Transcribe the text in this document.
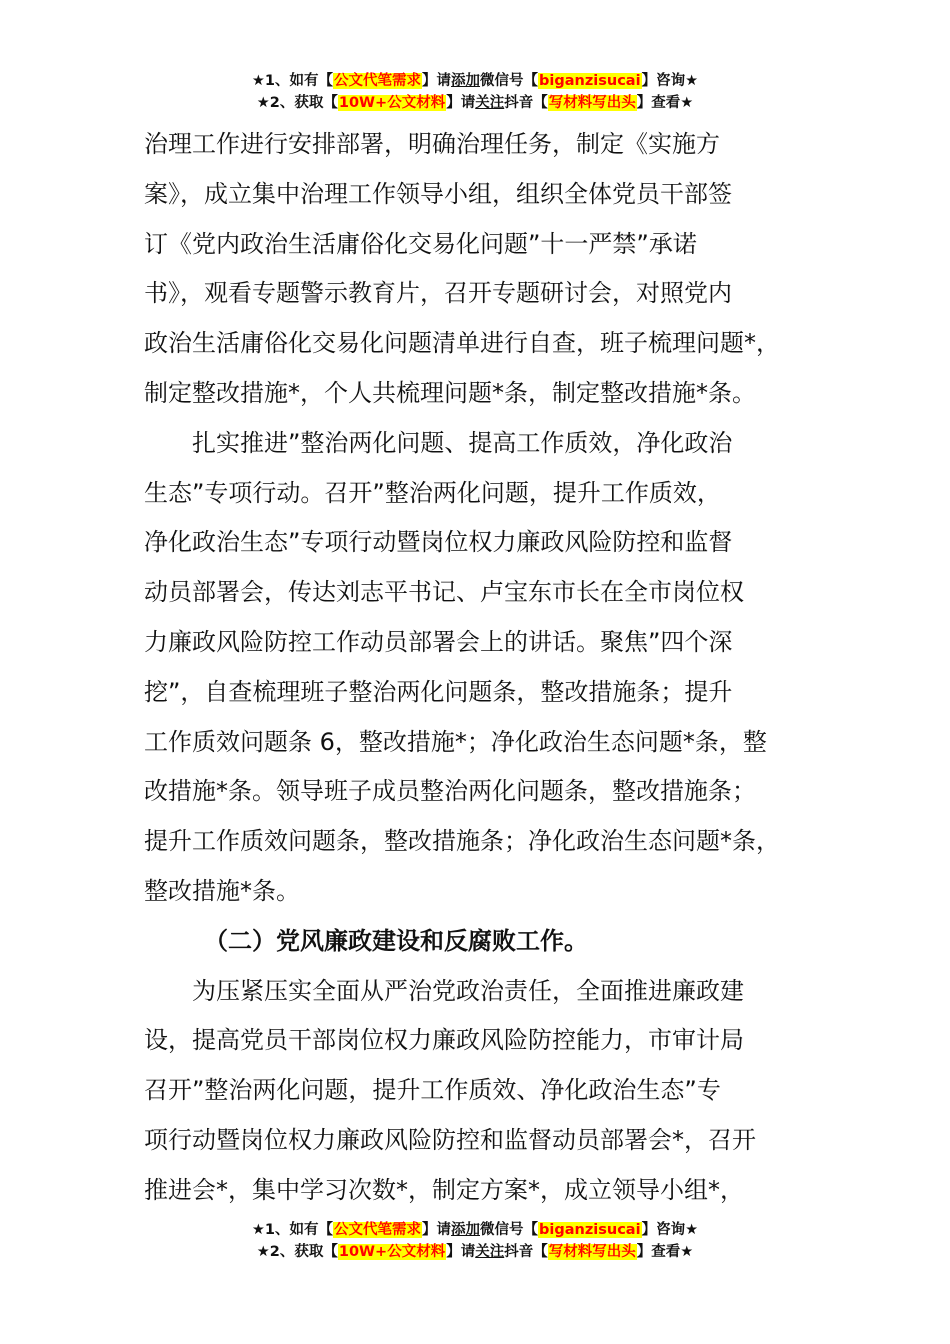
★1、如有【公文代笔需求】请添加微信号【biganzisucai】咨询★
★2、获取【10W+公文材料】请关注抖音【写材料写出头】查看★
治理工作进行安排部署，明确治理任务，制定《实施方
案》，成立集中治理工作领导小组，组织全体党员干部签
订《党内政治生活庸俗化交易化问题”十一严禁”承诺
书》，观看专题警示教育片，召开专题研讨会，对照党内
政治生活庸俗化交易化问题清单进行自查，班子梳理问题*，
制定整改措施*，个人共梳理问题*条，制定整改措施*条。
扎实推进”整治两化问题、提高工作质效，净化政治
生态”专项行动。召开”整治两化问题，提升工作质效，
净化政治生态”专项行动暨岗位权力廉政风险防控和监督
动员部署会，传达刘志平书记、卢宝东市长在全市岗位权
力廉政风险防控工作动员部署会上的讲话。聚焦”四个深
挖”，自查梳理班子整治两化问题条，整改措施条；提升
工作质效问题条 6，整改措施*；净化政治生态问题*条，整
改措施*条。领导班子成员整治两化问题条，整改措施条；
提升工作质效问题条，整改措施条；净化政治生态问题*条，
整改措施*条。
（二）党风廉政建设和反腐败工作。
为压紧压实全面从严治党政治责任，全面推进廉政建
设，提高党员干部岗位权力廉政风险防控能力，市审计局
召开”整治两化问题，提升工作质效、净化政治生态”专
项行动暨岗位权力廉政风险防控和监督动员部署会*，召开
推进会*，集中学习次数*，制定方案*，成立领导小组*，
★1、如有【公文代笔需求】请添加微信号【biganzisucai】咨询★
★2、获取【10W+公文材料】请关注抖音【写材料写出头】查看★
